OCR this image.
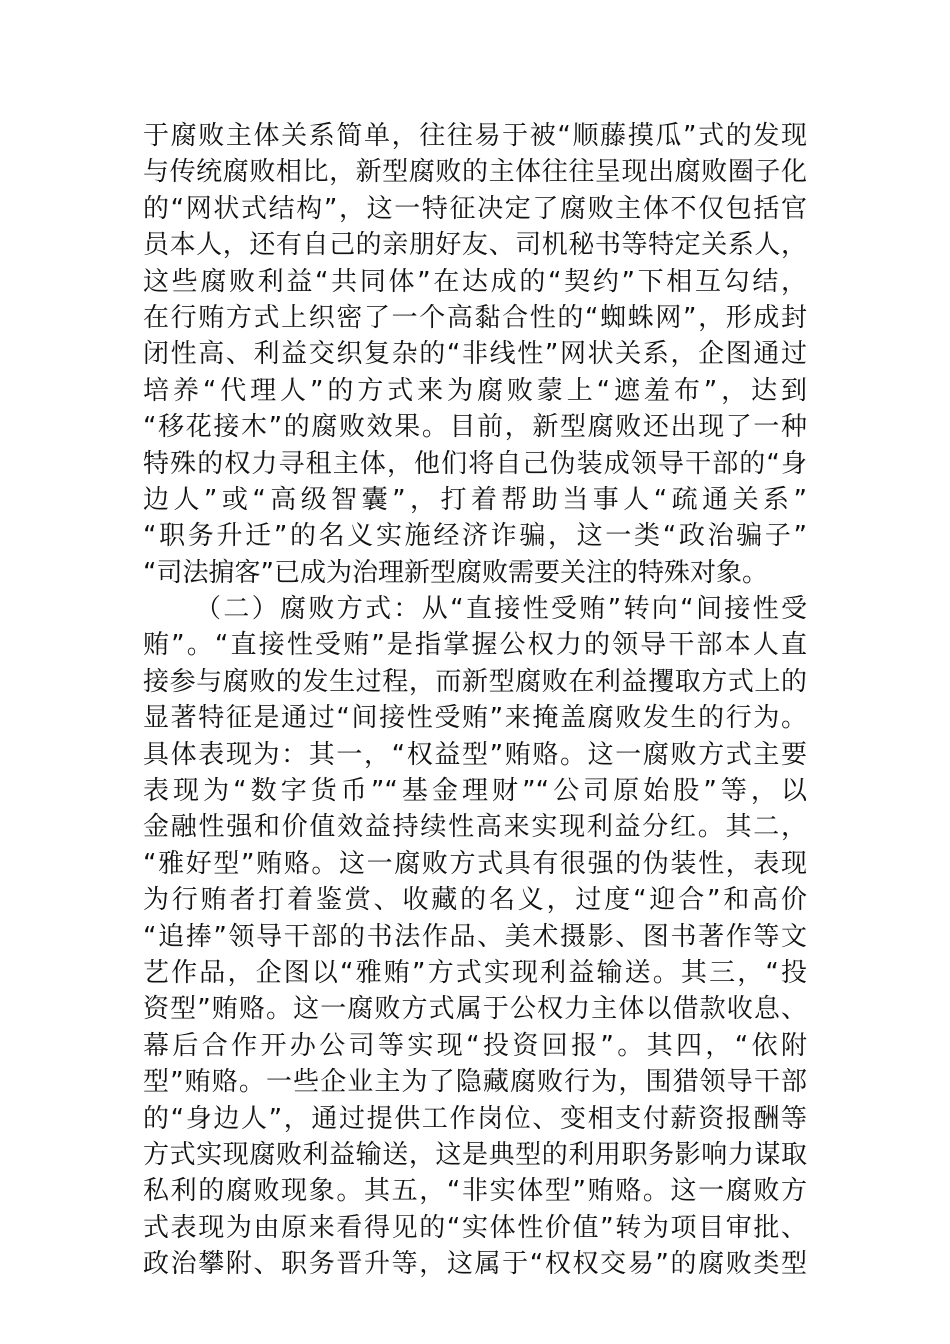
于腐败主体关系简单，往往易于被“顺藤摸瓜”式的发现
与传统腐败相比，新型腐败的主体往往呈现出腐败圈子化
的“网状式结构”，这一特征决定了腐败主体不仅包括官
员本人，还有自己的亲朋好友、司机秘书等特定关系人，
这些腐败利益“共同体”在达成的“契约”下相互勾结，
在行贿方式上织密了一个高黏合性的“蜘蛛网”，形成封
闭性高、利益交织复杂的“非线性”网状关系，企图通过
培养“代理人”的方式来为腐败蒙上“遮羞布”，达到
“移花接木”的腐败效果。目前，新型腐败还出现了一种
特殊的权力寻租主体，他们将自己伪装成领导干部的“身
边人”或“高级智囊”，打着帮助当事人“疏通关系”
“职务升迁”的名义实施经济诈骗，这一类“政治骗子”
“司法掮客”已成为治理新型腐败需要关注的特殊对象。
（二）腐败方式：从“直接性受贿”转向“间接性受
贿”。“直接性受贿”是指掌握公权力的领导干部本人直
接参与腐败的发生过程，而新型腐败在利益攫取方式上的
显著特征是通过“间接性受贿”来掩盖腐败发生的行为。
具体表现为：其一，“权益型”贿赂。这一腐败方式主要
表现为“数字货币”“基金理财”“公司原始股”等，以
金融性强和价值效益持续性高来实现利益分红。其二，
“雅好型”贿赂。这一腐败方式具有很强的伪装性，表现
为行贿者打着鉴赏、收藏的名义，过度“迎合”和高价
“追捧”领导干部的书法作品、美术摄影、图书著作等文
艺作品，企图以“雅贿”方式实现利益输送。其三，“投
资型”贿赂。这一腐败方式属于公权力主体以借款收息、
幕后合作开办公司等实现“投资回报”。其四，“依附
型”贿赂。一些企业主为了隐藏腐败行为，围猎领导干部
的“身边人”，通过提供工作岗位、变相支付薪资报酬等
方式实现腐败利益输送，这是典型的利用职务影响力谋取
私利的腐败现象。其五，“非实体型”贿赂。这一腐败方
式表现为由原来看得见的“实体性价值”转为项目审批、
政治攀附、职务晋升等，这属于“权权交易”的腐败类型
